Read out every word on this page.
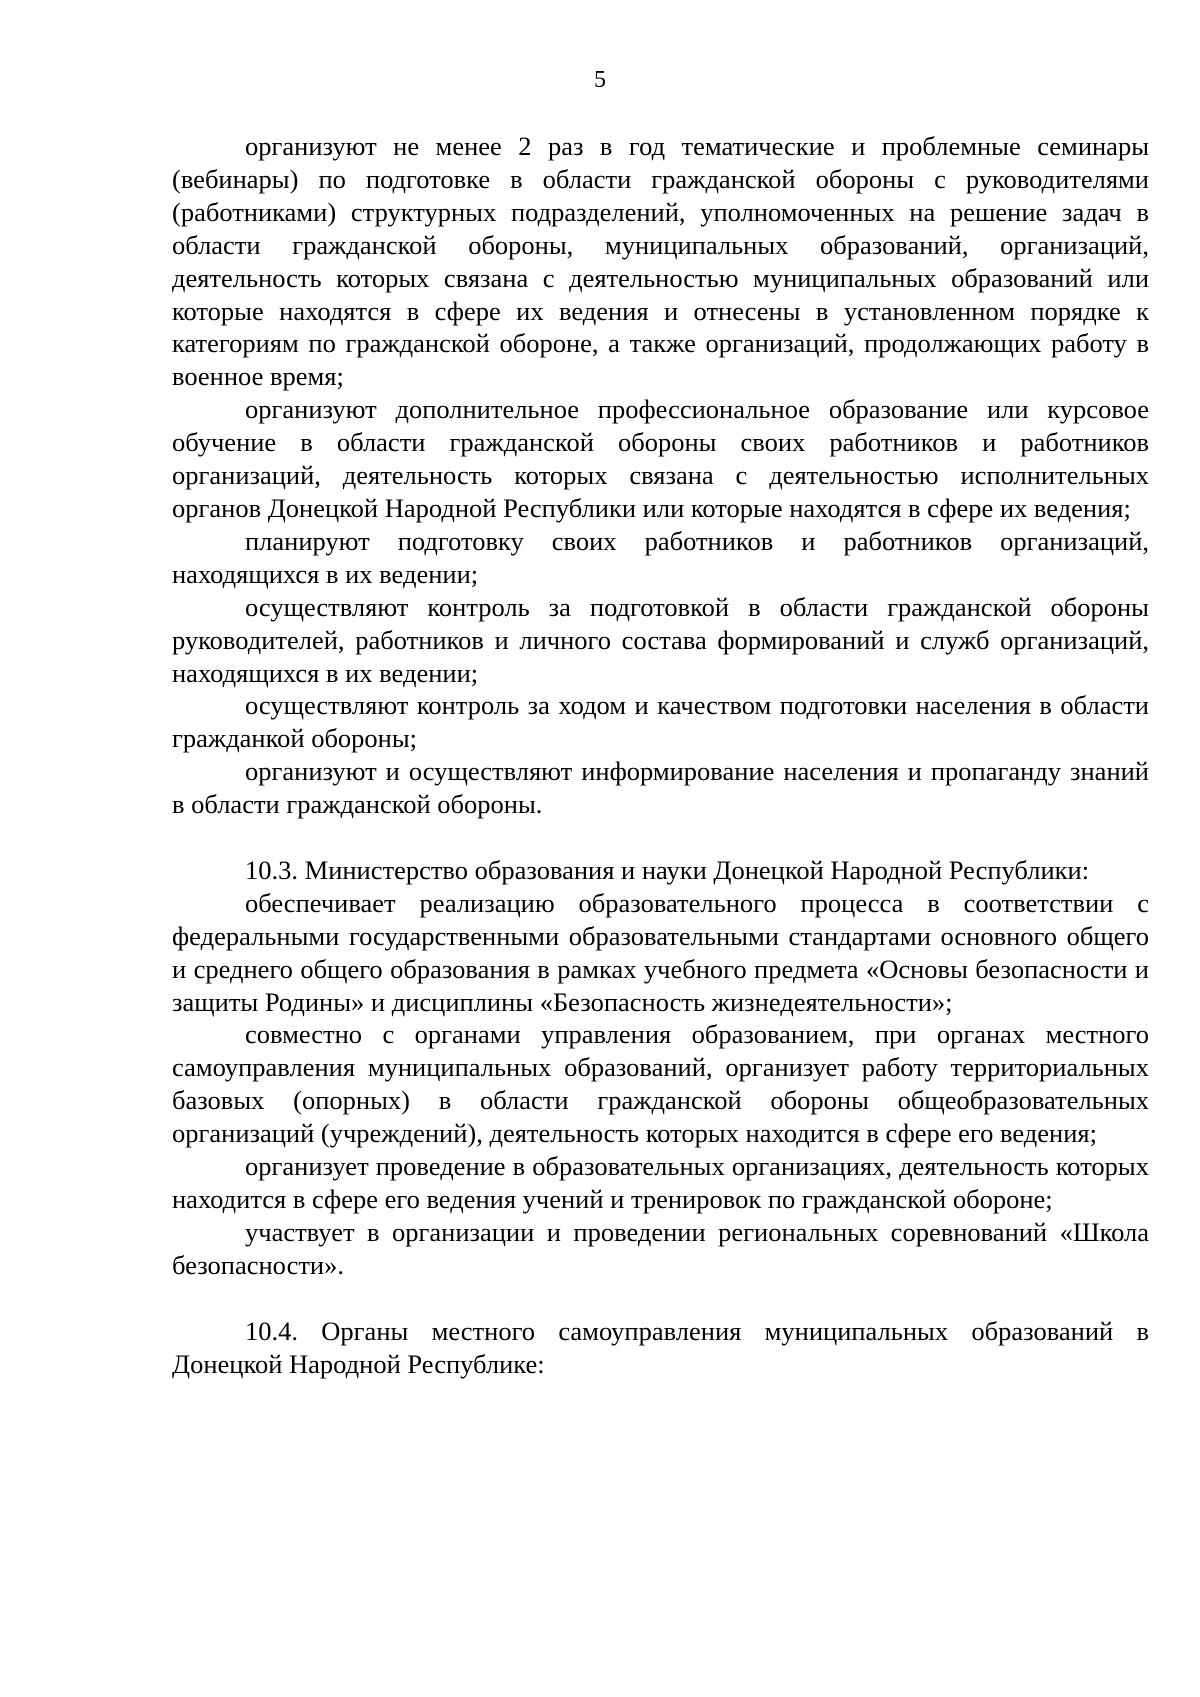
5

организуют не менее 2 раз в год тематические и проблемные семинары (вебинары) по подготовке в области гражданской обороны с руководителями (работниками) структурных подразделений, уполномоченных на решение задач в области гражданской обороны, муниципальных образований, организаций, деятельность которых связана с деятельностью муниципальных образований или которые находятся в сфере их ведения и отнесены в установленном порядке к категориям по гражданской обороне, а также организаций, продолжающих работу в военное время;

организуют дополнительное профессиональное образование или курсовое обучение в области гражданской обороны своих работников и работников организаций, деятельность которых связана с деятельностью исполнительных органов Донецкой Народной Республики или которые находятся в сфере их ведения;

планируют подготовку своих работников и работников организаций, находящихся в их ведении;

осуществляют контроль за подготовкой в области гражданской обороны руководителей, работников и личного состава формирований и служб организаций, находящихся в их ведении;

осуществляют контроль за ходом и качеством подготовки населения в области гражданкой обороны;

организуют и осуществляют информирование населения и пропаганду знаний в области гражданской обороны.

10.3. Министерство образования и науки Донецкой Народной Республики:

обеспечивает реализацию образовательного процесса в соответствии с федеральными государственными образовательными стандартами основного общего и среднего общего образования в рамках учебного предмета «Основы безопасности и защиты Родины» и дисциплины «Безопасность жизнедеятельности»;

совместно с органами управления образованием, при органах местного самоуправления муниципальных образований, организует работу территориальных базовых (опорных) в области гражданской обороны общеобразовательных организаций (учреждений), деятельность которых находится в сфере его ведения;

организует проведение в образовательных организациях, деятельность которых находится в сфере его ведения учений и тренировок по гражданской обороне;

участвует в организации и проведении региональных соревнований «Школа безопасности».

10.4. Органы местного самоуправления муниципальных образований в Донецкой Народной Республике:
